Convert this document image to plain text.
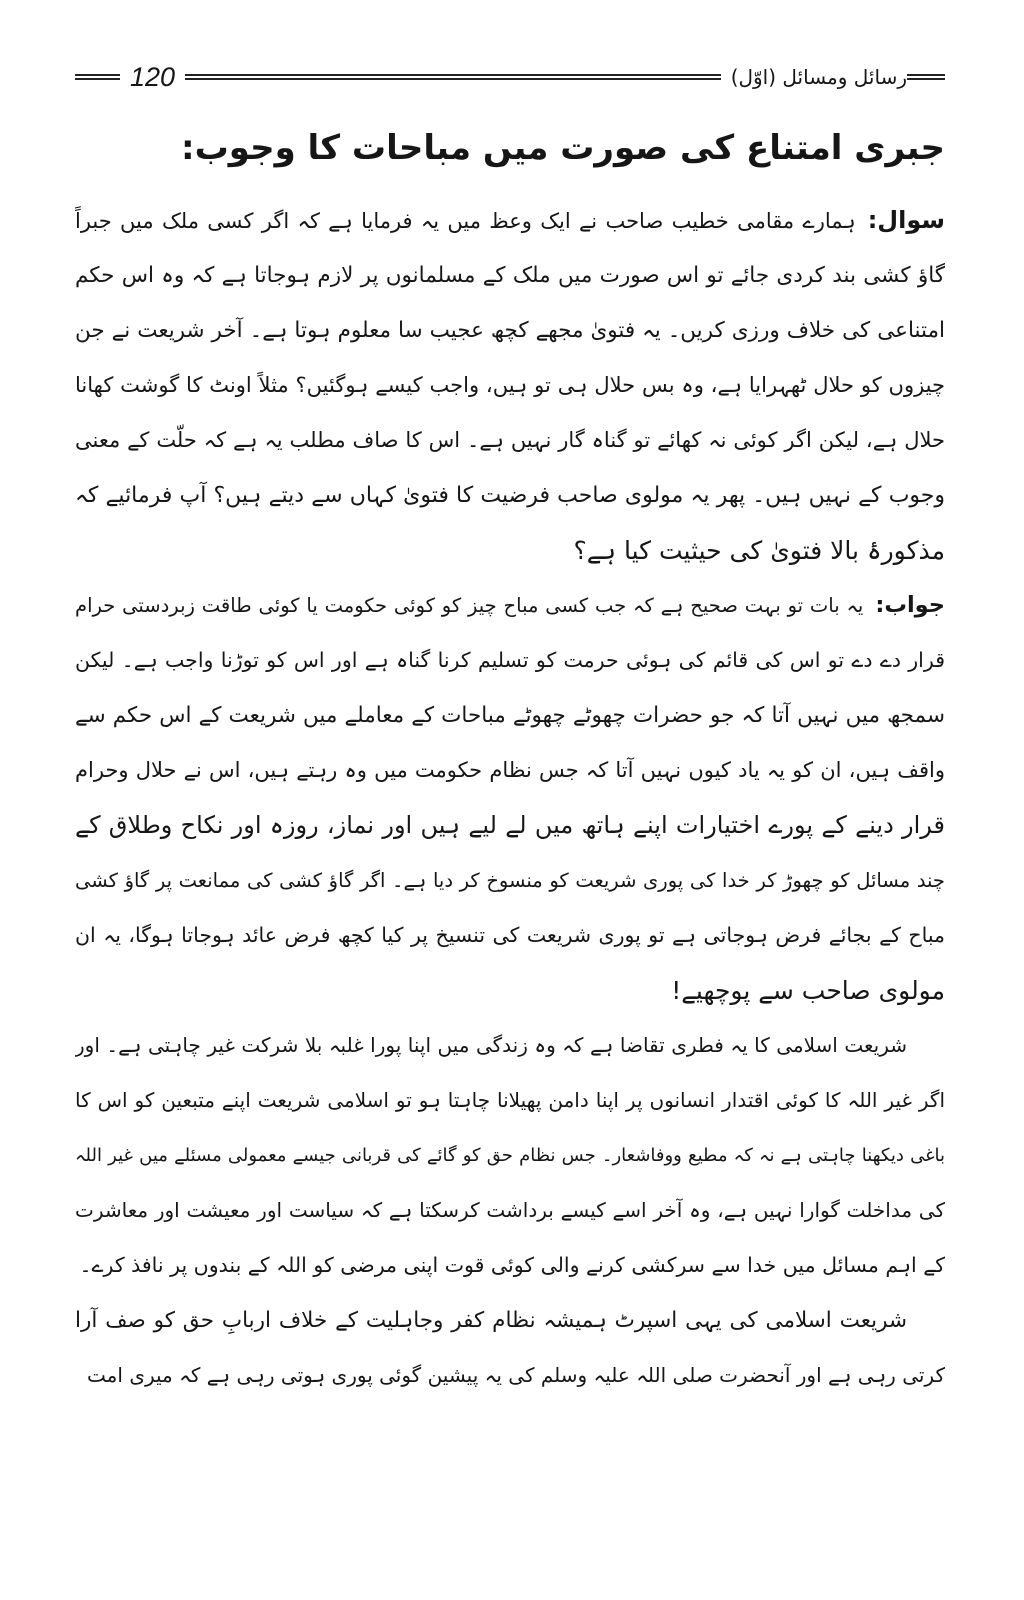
رسائل ومسائل (اوّل)
120
جبری امتناع کی صورت میں مباحات کا وجوب:
سوال:ہمارے مقامی خطیب صاحب نے ایک وعظ میں یہ فرمایا ہے کہ اگر کسی ملک میں جبراً
گاؤ کشی بند کردی جائے تو اس صورت میں ملک کے مسلمانوں پر لازم ہوجاتا ہے کہ وہ اس حکم
امتناعی کی خلاف ورزی کریں۔ یہ فتویٰ مجھے کچھ عجیب سا معلوم ہوتا ہے۔ آخر شریعت نے جن
چیزوں کو حلال ٹھہرایا ہے، وہ بس حلال ہی تو ہیں، واجب کیسے ہوگئیں؟ مثلاً اونٹ کا گوشت کھانا
حلال ہے، لیکن اگر کوئی نہ کھائے تو گناہ گار نہیں ہے۔ اس کا صاف مطلب یہ ہے کہ حلّت کے معنی
وجوب کے نہیں ہیں۔ پھر یہ مولوی صاحب فرضیت کا فتویٰ کہاں سے دیتے ہیں؟ آپ فرمائیے کہ
مذکورۂ بالا فتویٰ کی حیثیت کیا ہے؟
جواب:یہ بات تو بہت صحیح ہے کہ جب کسی مباح چیز کو کوئی حکومت یا کوئی طاقت زبردستی حرام
قرار دے دے تو اس کی قائم کی ہوئی حرمت کو تسلیم کرنا گناہ ہے اور اس کو توڑنا واجب ہے۔ لیکن
سمجھ میں نہیں آتا کہ جو حضرات چھوٹے چھوٹے مباحات کے معاملے میں شریعت کے اس حکم سے
واقف ہیں، ان کو یہ یاد کیوں نہیں آتا کہ جس نظام حکومت میں وہ رہتے ہیں، اس نے حلال وحرام
قرار دینے کے پورے اختیارات اپنے ہاتھ میں لے لیے ہیں اور نماز، روزہ اور نکاح وطلاق کے
چند مسائل کو چھوڑ کر خدا کی پوری شریعت کو منسوخ کر دیا ہے۔ اگر گاؤ کشی کی ممانعت پر گاؤ کشی
مباح کے بجائے فرض ہوجاتی ہے تو پوری شریعت کی تنسیخ پر کیا کچھ فرض عائد ہوجاتا ہوگا، یہ ان
مولوی صاحب سے پوچھیے!
شریعت اسلامی کا یہ فطری تقاضا ہے کہ وہ زندگی میں اپنا پورا غلبہ بلا شرکت غیر چاہتی ہے۔ اور
اگر غیر اللہ کا کوئی اقتدار انسانوں پر اپنا دامن پھیلانا چاہتا ہو تو اسلامی شریعت اپنے متبعین کو اس کا
باغی دیکھنا چاہتی ہے نہ کہ مطیع ووفاشعار۔ جس نظام حق کو گائے کی قربانی جیسے معمولی مسئلے میں غیر اللہ
کی مداخلت گوارا نہیں ہے، وہ آخر اسے کیسے برداشت کرسکتا ہے کہ سیاست اور معیشت اور معاشرت
کے اہم مسائل میں خدا سے سرکشی کرنے والی کوئی قوت اپنی مرضی کو اللہ کے بندوں پر نافذ کرے۔
شریعت اسلامی کی یہی اسپرٹ ہمیشہ نظام کفر وجاہلیت کے خلاف اربابِ حق کو صف آرا
کرتی رہی ہے اور آنحضرت صلی اللہ علیہ وسلم کی یہ پیشین گوئی پوری ہوتی رہی ہے کہ میری امت
